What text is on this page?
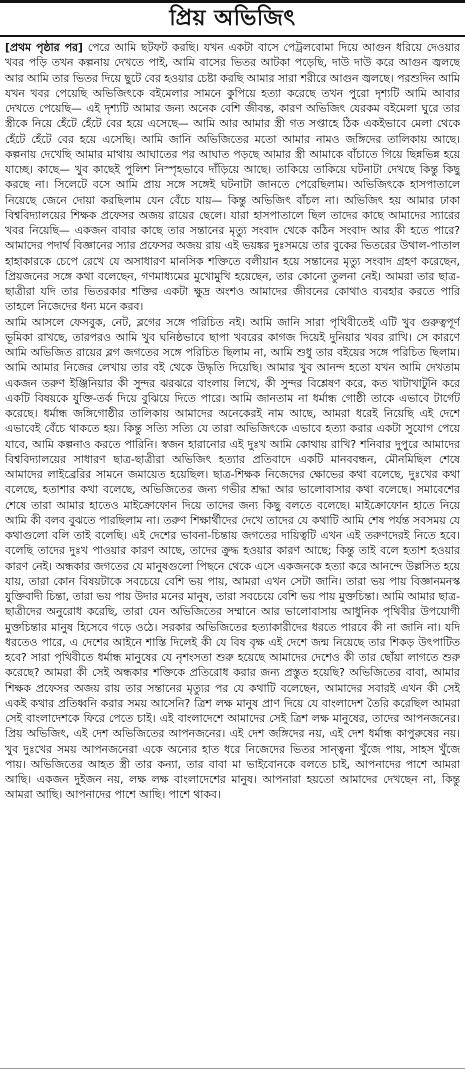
প্রিয় অভিজিৎ

[প্রথম পৃষ্ঠার পর] পেরে আমি ছটফট করছি। যখন একটা বাসে পেট্রলবোমা দিয়ে আগুন ধরিয়ে দেওয়ার খবর পড়ি তখন কল্পনায় দেখতে পাই, আমি বাসের ভিতর আটকা পড়েছি, দাউ দাউ করে আগুন জ্বলছে আর আমি তার ভিতর দিয়ে ছুটে বের হওয়ার চেষ্টা করছি আমার সারা শরীরে আগুন জ্বলছে। পরশুদিন আমি যখন খবর পেয়েছি অভিজিৎকে বইমেলার সামনে কুপিয়ে হত্যা করেছে তখন পুরো দৃশ্যটি আমি আবার দেখতে পেয়েছি— এই দৃশ্যটি আমার জন্য অনেক বেশি জীবন্ত, কারণ অভিজিৎ যেরকম বইমেলা ঘুরে তার স্ত্রীকে নিয়ে হেঁটে হেঁটে বের হয়ে এসেছে— আমি আর আমার স্ত্রী গত সপ্তাহে ঠিক একইভাবে মেলা থেকে হেঁটে হেঁটে বের হয়ে এসেছি। আমি জানি অভিজিতের মতো আমার নামও জঙ্গিদের তালিকায় আছে। কল্পনায় দেখেছি আমার মাথায় আঘাতের পর আঘাত পড়ছে আমার স্ত্রী আমাকে বাঁচাতে গিয়ে ছিন্নভিন্ন হয়ে যাচ্ছে। কাছে— খুব কাছেই পুলিশ নিস্পৃহভাবে দাঁড়িয়ে আছে। তাকিয়ে তাকিয়ে ঘটনাটা দেখছে কিন্তু কিছু করছে না। সিলেটে বসে আমি প্রায় সঙ্গে সঙ্গেই ঘটনাটা জানতে পেরেছিলাম। অভিজিৎকে হাসপাতালে নিয়েছে জেনে দোয়া করছিলাম যেন বেঁচে যায়— কিন্তু অভিজিৎ বাঁচল না। অভিজিৎ হয় আমার ঢাকা বিশ্ববিদ্যালয়ের শিক্ষক প্রফেসর অজয় রায়ের ছেলে। যারা হাসপাতালে ছিল তাদের কাছে আমাদের স্যারের খবর নিয়েছি— একজন বাবার কাছে তার সন্তানের মৃত্যু সংবাদ থেকে কঠিন সংবাদ আর কী হতে পারে? আমাদের পদার্থ বিজ্ঞানের স্যার প্রফেসর অজয় রায় এই ভয়ঙ্কর দুঃসময়ে তার বুকের ভিতরের উথাল-পাতাল হাহাকারকে চেপে রেখে যে অসাধারণ মানসিক শক্তিতে বলীয়ান হয়ে সন্তানের মৃত্যু সংবাদ গ্রহণ করেছেন, প্রিয়জনের সঙ্গে কথা বলেছেন, গণমাধ্যমের মুখোমুখি হয়েছেন, তার কোনো তুলনা নেই। আমরা তার ছাত্র-ছাত্রীরা যদি তার ভিতরকার শক্তির একটা ক্ষুদ্র অংশও আমাদের জীবনের কোথাও ব্যবহার করতে পারি তাহলে নিজেদের ধন্য মনে করব।

আমি আসলে ফেসবুক, নেট, ব্লগের সঙ্গে পরিচিত নই। আমি জানি সারা পৃথিবীতেই এটি খুব গুরুত্বপূর্ণ ভূমিকা রাখছে, তারপরও আমি খুব ঘনিষ্ঠভাবে ছাপা খবরের কাগজ দিয়েই দুনিয়ার খবর রাখি। সে কারণে আমি অভিজিত রায়ের ব্লগ জগতের সঙ্গে পরিচিত ছিলাম না, আমি শুধু তার বইয়ের সঙ্গে পরিচিত ছিলাম। আমি আমার নিজের লেখায় তার বই থেকে উদ্ধৃতি দিয়েছি। আমার খুব আনন্দ হতো যখন আমি দেখতাম একজন তরুণ ইঞ্জিনিয়ার কী সুন্দর ঝরঝরে বাংলায় লিখে, কী সুন্দর বিশ্লেষণ করে, কত খাটাখাটুনি করে একটি বিষয়কে যুক্তি-তর্ক দিয়ে বুঝিয়ে দিতে পারে। আমি জানতাম না ধর্মান্ধ গোষ্ঠী তাকে এভাবে টার্গেট করেছে। ধর্মান্ধ জঙ্গিগোষ্ঠীর তালিকায় আমাদের অনেকেরই নাম আছে, আমরা ধরেই নিয়েছি এই দেশে এভাবেই বেঁচে থাকতে হয়। কিন্তু সত্যি সত্যি যে তারা অভিজিৎকে এভাবে হত্যা করার একটা সুযোগ পেয়ে যাবে, আমি কল্পনাও করতে পারিনি। স্বজন হারানোর এই দুঃখ আমি কোথায় রাখি? শনিবার দুপুরে আমাদের বিশ্ববিদ্যালয়ের সাধারণ ছাত্র-ছাত্রীরা অভিজিৎ হত্যার প্রতিবাদে একটি মানববন্ধন, মৌনমিছিল শেষে আমাদের লাইব্রেরির সামনে জমায়েত হয়েছিল। ছাত্র-শিক্ষক নিজেদের ক্ষোভের কথা বলেছে, দুঃখের কথা বলেছে, হতাশার কথা বলেছে, অভিজিতের জন্য গভীর শ্রদ্ধা আর ভালোবাসার কথা বলেছে। সমাবেশের শেষে তারা আমার হাতেও মাইক্রোফোন দিয়ে তাদের জন্য কিছু বলতে বলেছে। মাইক্রোফোন হাতে নিয়ে আমি কী বলব বুঝতে পারছিলাম না। তরুণ শিক্ষার্থীদের দেখে তাদের যে কথাটি আমি শেষ পর্যন্ত সবসময় যে কথাগুলো বলি তাই বলেছি। এই দেশের ভাবনা-চিন্তায় জগতের দায়িত্বটি এখন এই তরুণদেরই নিতে হবে। বলেছি তাদের দুঃখ পাওয়ার কারণ আছে, তাদের ক্রুদ্ধ হওয়ার কারণ আছে; কিন্তু তাই বলে হতাশ হওয়ার কারণ নেই। অন্ধকার জগতের যে মানুষগুলো পিছনে থেকে এসে একজনকে হত্যা করে আনন্দে উল্লসিত হয়ে যায়, তারা কোন বিষয়টাকে সবচেয়ে বেশি ভয় পায়, আমরা এখন সেটা জানি। তারা ভয় পায় বিজ্ঞানমনস্ক যুক্তিবাদী চিন্তা, তারা ভয় পায় উদার মনের মানুষ, তারা সবচেয়ে বেশি ভয় পায় মুক্তচিন্তা। আমি আমার ছাত্র-ছাত্রীদের অনুরোধ করেছি, তারা যেন অভিজিতের সম্মানে আর ভালোবাসায় আধুনিক পৃথিবীর উপযোগী মুক্তচিন্তার মানুষ হিসেবে গড়ে ওঠে। সরকার অভিজিতের হত্যাকারীদের ধরতে পারবে কী না জানি না। যদি ধরতেও পারে, এ দেশের আইনে শাস্তি দিলেই কী যে বিষ বৃক্ষ এই দেশে জন্ম নিয়েছে তার শিকড় উৎপাটিত হবে? সারা পৃথিবীতে ধর্মান্ধ মানুষের যে নৃশংসতা শুরু হয়েছে আমাদের দেশেও কী তার ছোঁয়া লাগতে শুরু করেছে? আমরা কী সেই অন্ধকার শক্তিকে প্রতিরোধ করার জন্য প্রস্তুত হয়েছি? অভিজিতের বাবা, আমার শিক্ষক প্রফেসর অজয় রায় তার সন্তানের মৃত্যুর পর যে কথাটি বলেছেন, আমাদের সবারই এখন কী সেই একই কথার প্রতিধ্বনি করার সময় আসেনি? ত্রিশ লক্ষ মানুষ প্রাণ দিয়ে যে বাংলাদেশ তৈরি করেছিল আমরা সেই বাংলাদেশকে ফিরে পেতে চাই। এই বাংলাদেশে আমাদের সেই ত্রিশ লক্ষ মানুষের, তাদের আপনজনের। প্রিয় অভিজিৎ, এই দেশ অভিজিতের আপনজনের। এই দেশ জঙ্গিদের নয়, এই দেশ ধর্মান্ধ কাপুরুষের নয়। খুব দুঃখের সময় আপনজনেরা একে অন্যের হাত ধরে নিজেদের ভিতর সান্ত্বনা খুঁজে পায়, সাহস খুঁজে পায়। অভিজিতের আহত স্ত্রী তার কন্যা, তার বাবা মা ভাইবোনকে বলতে চাই, আপনাদের পাশে আমরা আছি। একজন দুইজন নয়, লক্ষ লক্ষ বাংলাদেশের মানুষ। আপনারা হয়তো আমাদের দেখছেন না, কিন্তু আমরা আছি। আপনাদের পাশে আছি। পাশে থাকব।
